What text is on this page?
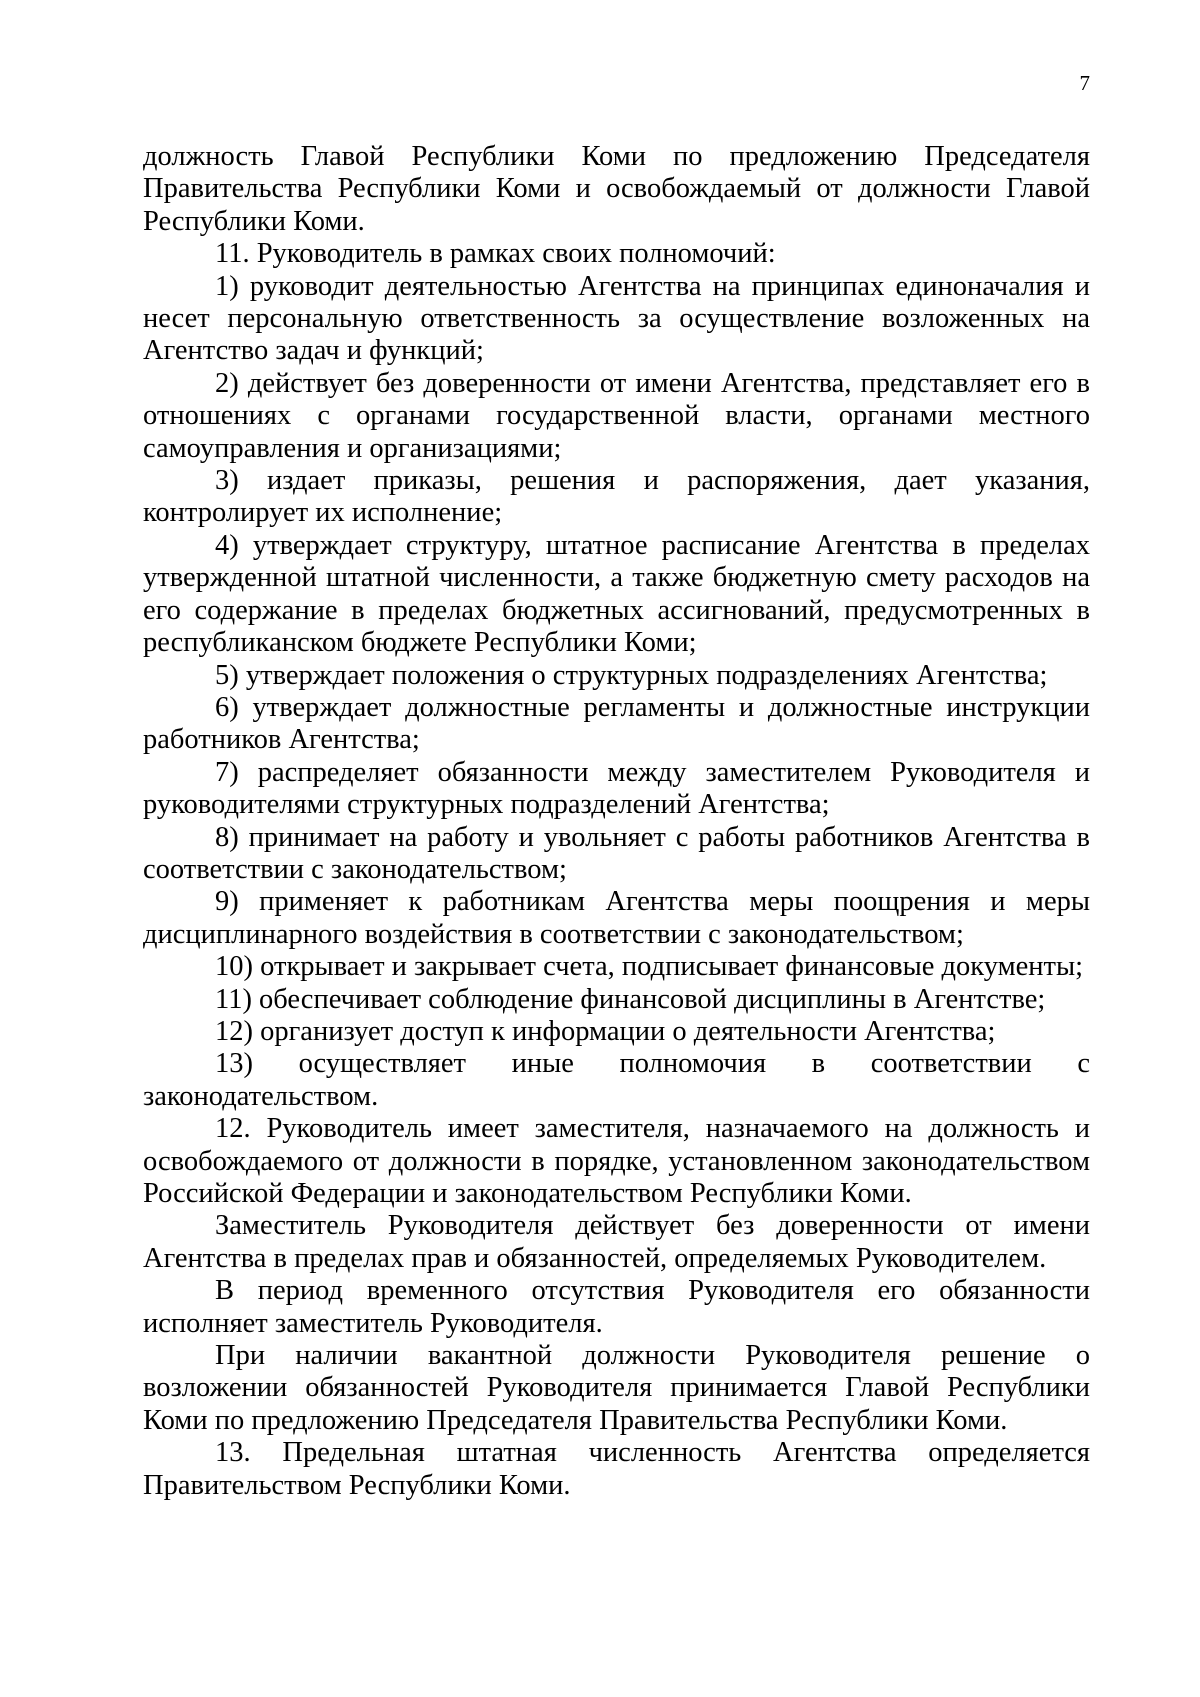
7

должность Главой Республики Коми по предложению Председателя Правительства Республики Коми и освобождаемый от должности Главой Республики Коми.

11. Руководитель в рамках своих полномочий:

1) руководит деятельностью Агентства на принципах единоначалия и несет персональную ответственность за осуществление возложенных на Агентство задач и функций;

2) действует без доверенности от имени Агентства, представляет его в отношениях с органами государственной власти, органами местного самоуправления и организациями;

3) издает приказы, решения и распоряжения, дает указания, контролирует их исполнение;

4) утверждает структуру, штатное расписание Агентства в пределах утвержденной штатной численности, а также бюджетную смету расходов на его содержание в пределах бюджетных ассигнований, предусмотренных в республиканском бюджете Республики Коми;

5) утверждает положения о структурных подразделениях Агентства;

6) утверждает должностные регламенты и должностные инструкции работников Агентства;

7) распределяет обязанности между заместителем Руководителя и руководителями структурных подразделений Агентства;

8) принимает на работу и увольняет с работы работников Агентства в соответствии с законодательством;

9) применяет к работникам Агентства меры поощрения и меры дисциплинарного воздействия в соответствии с законодательством;

10) открывает и закрывает счета, подписывает финансовые документы;

11) обеспечивает соблюдение финансовой дисциплины в Агентстве;

12) организует доступ к информации о деятельности Агентства;

13) осуществляет иные полномочия в соответствии с законодательством.

12. Руководитель имеет заместителя, назначаемого на должность и освобождаемого от должности в порядке, установленном законодательством Российской Федерации и законодательством Республики Коми.

Заместитель Руководителя действует без доверенности от имени Агентства в пределах прав и обязанностей, определяемых Руководителем.

В период временного отсутствия Руководителя его обязанности исполняет заместитель Руководителя.

При наличии вакантной должности Руководителя решение о возложении обязанностей Руководителя принимается Главой Республики Коми по предложению Председателя Правительства Республики Коми.

13. Предельная штатная численность Агентства определяется Правительством Республики Коми.
